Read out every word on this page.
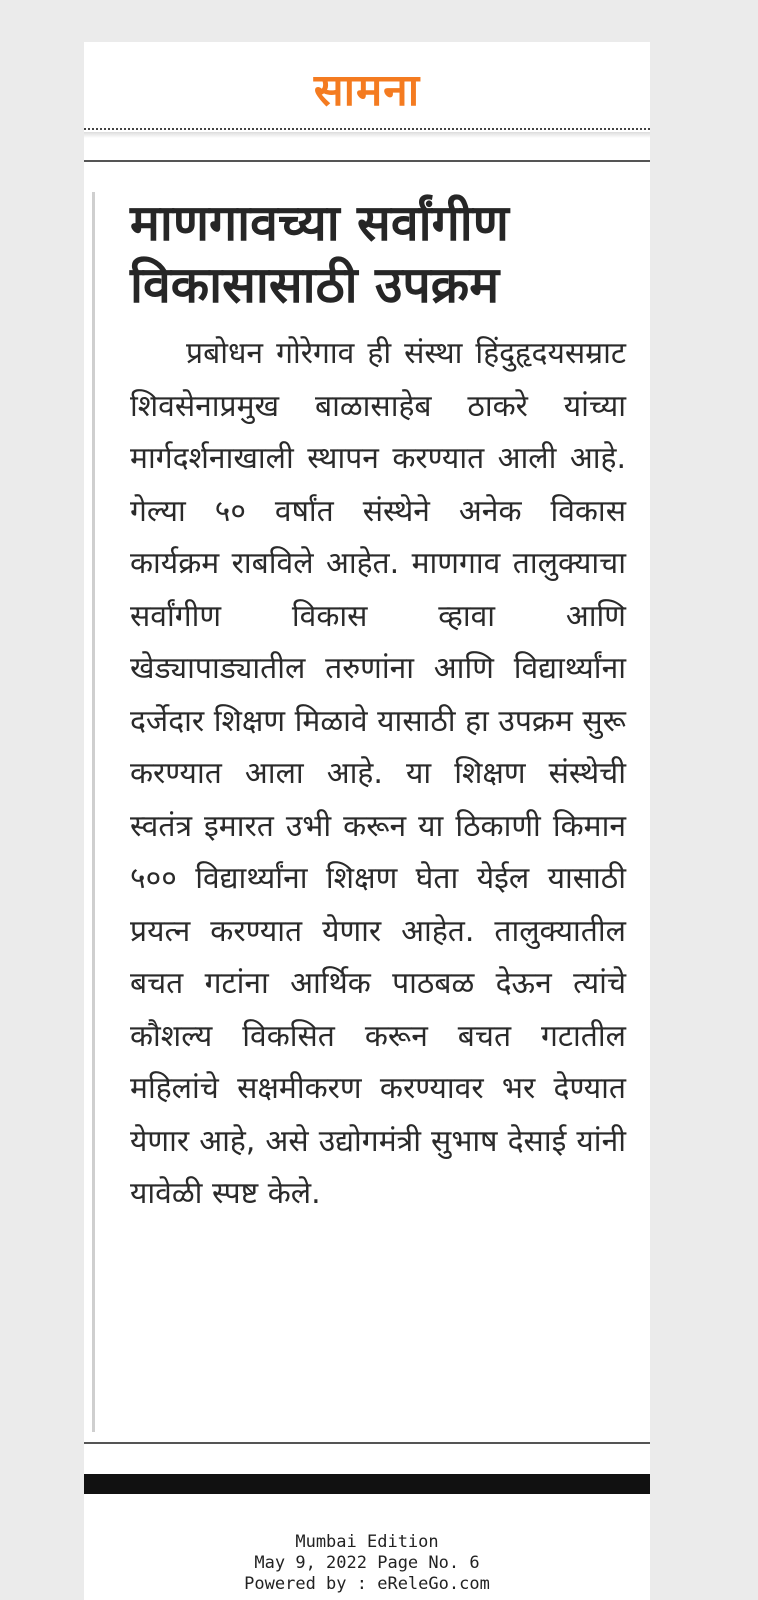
सामना
माणगावच्या सर्वांगीण
विकासासाठी उपक्रम

प्रबोधन गोरेगाव ही संस्था हिंदुहृदयसम्राट शिवसेनाप्रमुख बाळासाहेब ठाकरे यांच्या मार्गदर्शनाखाली स्थापन करण्यात आली आहे. गेल्या ५० वर्षांत संस्थेने अनेक विकास कार्यक्रम राबविले आहेत. माणगाव तालुक्याचा सर्वांगीण विकास व्हावा आणि खेड्यापाड्यातील तरुणांना आणि विद्यार्थ्यांना दर्जेदार शिक्षण मिळावे यासाठी हा उपक्रम सुरू करण्यात आला आहे. या शिक्षण संस्थेची स्वतंत्र इमारत उभी करून या ठिकाणी किमान ५०० विद्यार्थ्यांना शिक्षण घेता येईल यासाठी प्रयत्न करण्यात येणार आहेत. तालुक्यातील बचत गटांना आर्थिक पाठबळ देऊन त्यांचे कौशल्य विकसित करून बचत गटातील महिलांचे सक्षमीकरण करण्यावर भर देण्यात येणार आहे, असे उद्योगमंत्री सुभाष देसाई यांनी यावेळी स्पष्ट केले.

Mumbai Edition
May 9, 2022 Page No. 6
Powered by : eReleGo.com
